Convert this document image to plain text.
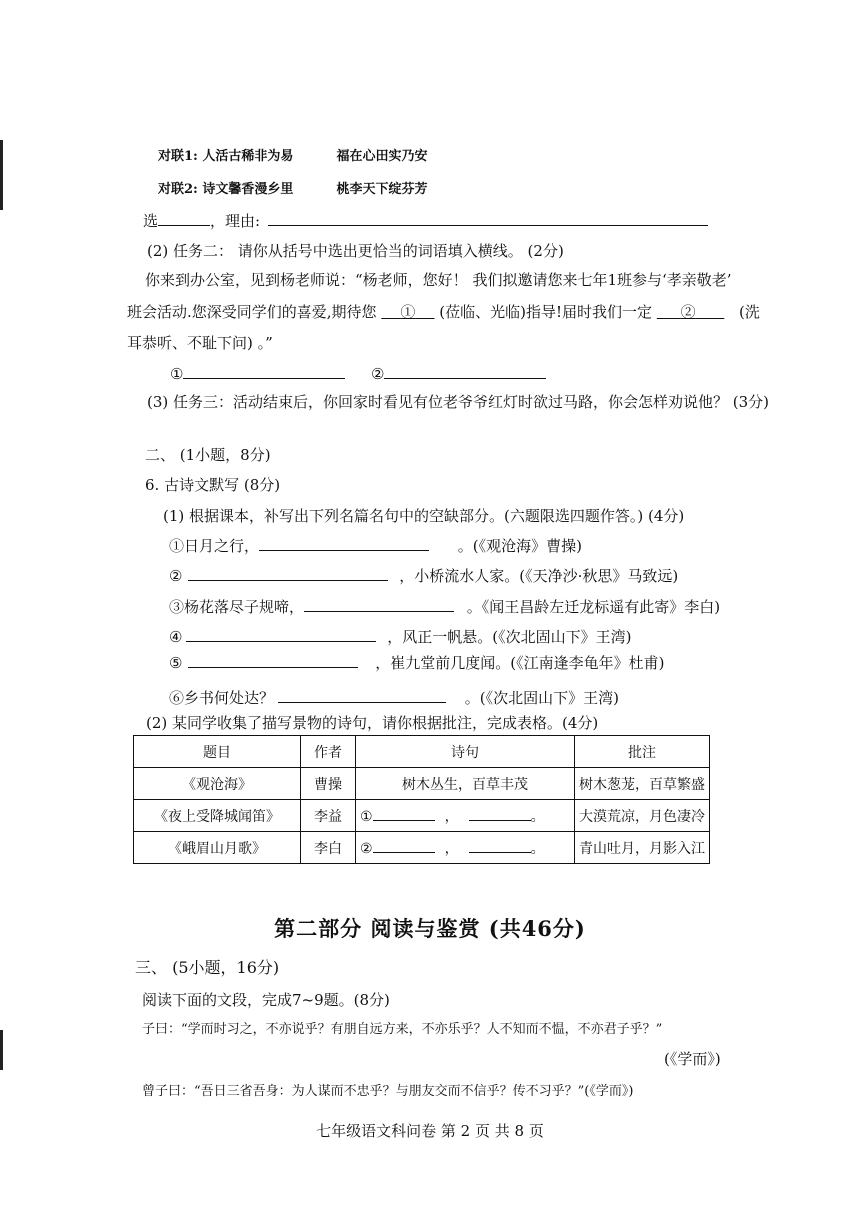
对联1: 人活古稀非为易	福在心田实乃安
对联2: 诗文馨香漫乡里	桃李天下绽芬芳
选	，理由:
(2) 任务二： 请你从括号中选出更恰当的词语填入横线。 (2分)
你来到办公室，见到杨老师说：“杨老师，您好！ 我们拟邀请您来七年1班参与‘孝亲敬老’
班会活动.您深受同学们的喜爱,期待您 ① (莅临、光临)指导!届时我们一定 ②	(洗
耳恭听、不耻下问) 。”
①	②
(3) 任务三：活动结束后，你回家时看见有位老爷爷红灯时欲过马路，你会怎样劝说他？ (3分)
二、 (1小题，8分)
6. 古诗文默写 (8分)
(1) 根据课本，补写出下列名篇名句中的空缺部分。(六题限选四题作答。) (4分)
①日月之行，	。(《观沧海》曹操)
②	，小桥流水人家。(《天净沙·秋思》马致远)
③杨花落尽子规啼，	。《闻王昌龄左迁龙标遥有此寄》李白)
④	，风正一帆悬。(《次北固山下》王湾)
⑤	，崔九堂前几度闻。(《江南逢李龟年》杜甫)
⑥乡书何处达？	。(《次北固山下》王湾)
(2) 某同学收集了描写景物的诗句，请你根据批注，完成表格。(4分)
题目	作者	诗句	批注
《观沧海》	曹操	树木丛生，百草丰茂	树木葱茏，百草繁盛
《夜上受降城闻笛》	李益	① ， 。	大漠荒凉，月色凄冷
《峨眉山月歌》	李白	② ， 。	青山吐月，月影入江
第二部分 阅读与鉴赏 (共46分)
三、 (5小题，16分)
阅读下面的文段，完成7~9题。(8分)
子曰：“学而时习之，不亦说乎？有朋自远方来，不亦乐乎？人不知而不愠，不亦君子乎？”
(《学而》)
曾子曰：“吾日三省吾身：为人谋而不忠乎？与朋友交而不信乎？传不习乎？”(《学而》)
七年级语文科问卷 第 2 页 共 8 页
